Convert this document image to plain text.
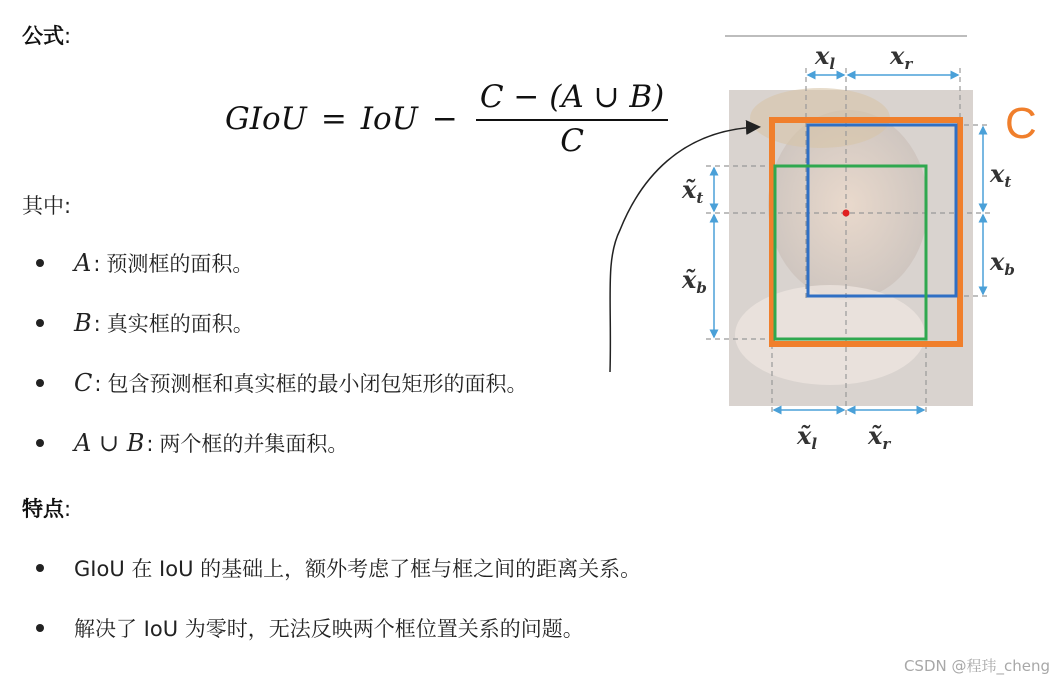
公式:
GIoU = IoU − $\frac{C - (A \cup B)}{C}$
其中:
A : 预测框的面积。
B : 真实框的面积。
C : 包含预测框和真实框的最小闭包矩形的面积。
A ∪ B : 两个框的并集面积。
特点:
GIoU 在 IoU 的基础上，额外考虑了框与框之间的距离关系。
解决了 IoU 为零时，无法反映两个框位置关系的问题。
C
$x_l$ $x_r$
$x_t$
$x_b$
$x̃_t$
$x̃_b$
$x̃_l$ $x̃_r$
CSDN @程玮_cheng
